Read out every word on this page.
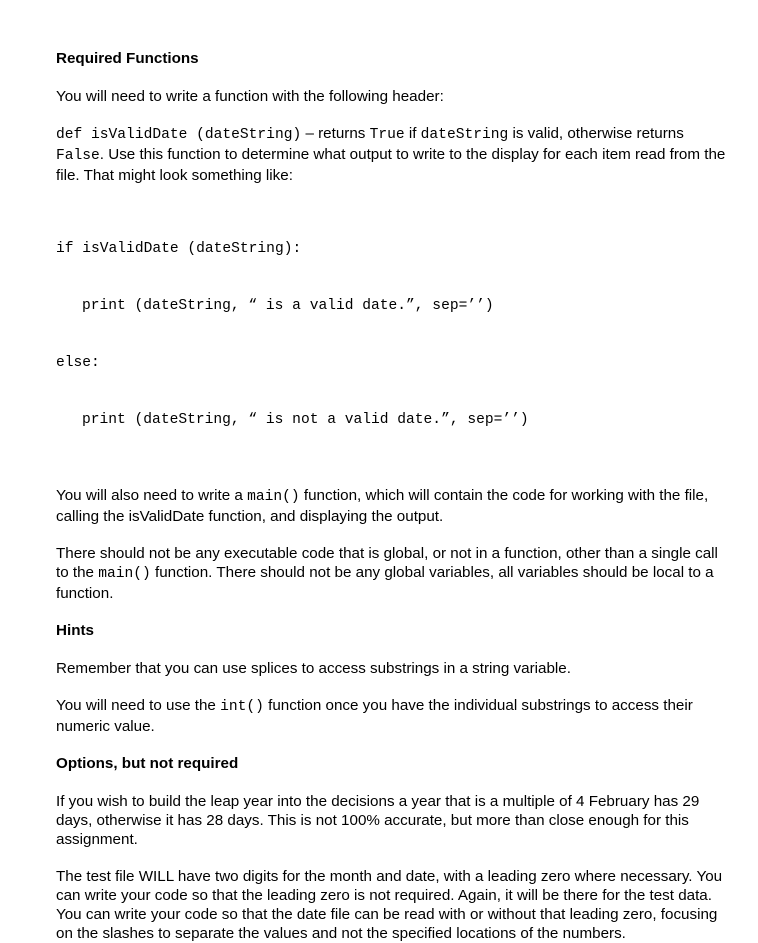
Required Functions

You will need to write a function with the following header:

def isValidDate (dateString) – returns True if dateString is valid, otherwise returns False. Use this function to determine what output to write to the display for each item read from the file. That might look something like:

if isValidDate (dateString):

print (dateString, “ is a valid date.”, sep=’’)

else:

print (dateString, “ is not a valid date.”, sep=’’)

You will also need to write a main() function, which will contain the code for working with the file, calling the isValidDate function, and displaying the output.

There should not be any executable code that is global, or not in a function, other than a single call to the main() function. There should not be any global variables, all variables should be local to a function.

Hints

Remember that you can use splices to access substrings in a string variable.

You will need to use the int() function once you have the individual substrings to access their numeric value.

Options, but not required

If you wish to build the leap year into the decisions a year that is a multiple of 4 February has 29 days, otherwise it has 28 days. This is not 100% accurate, but more than close enough for this assignment.

The test file WILL have two digits for the month and date, with a leading zero where necessary. You can write your code so that the leading zero is not required. Again, it will be there for the test data. You can write your code so that the date file can be read with or without that leading zero, focusing on the slashes to separate the values and not the specified locations of the numbers.
